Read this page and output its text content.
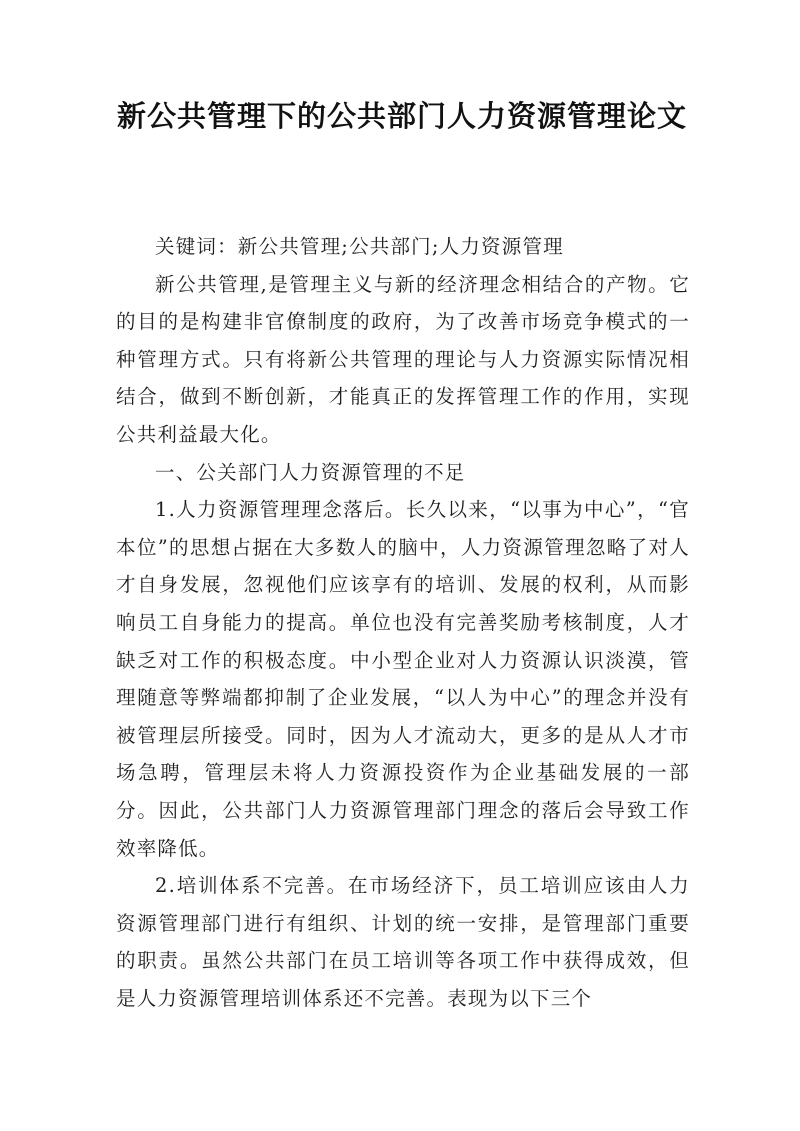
新公共管理下的公共部门人力资源管理论文

关键词：新公共管理;公共部门;人力资源管理

新公共管理,是管理主义与新的经济理念相结合的产物。它的目的是构建非官僚制度的政府，为了改善市场竞争模式的一种管理方式。只有将新公共管理的理论与人力资源实际情况相结合，做到不断创新，才能真正的发挥管理工作的作用，实现公共利益最大化。

一、公关部门人力资源管理的不足

1.人力资源管理理念落后。长久以来，“以事为中心”，“官本位”的思想占据在大多数人的脑中，人力资源管理忽略了对人才自身发展，忽视他们应该享有的培训、发展的权利，从而影响员工自身能力的提高。单位也没有完善奖励考核制度，人才缺乏对工作的积极态度。中小型企业对人力资源认识淡漠，管理随意等弊端都抑制了企业发展，“以人为中心”的理念并没有被管理层所接受。同时，因为人才流动大，更多的是从人才市场急聘，管理层未将人力资源投资作为企业基础发展的一部分。因此，公共部门人力资源管理部门理念的落后会导致工作效率降低。

2.培训体系不完善。在市场经济下，员工培训应该由人力资源管理部门进行有组织、计划的统一安排，是管理部门重要的职责。虽然公共部门在员工培训等各项工作中获得成效，但是人力资源管理培训体系还不完善。表现为以下三个
